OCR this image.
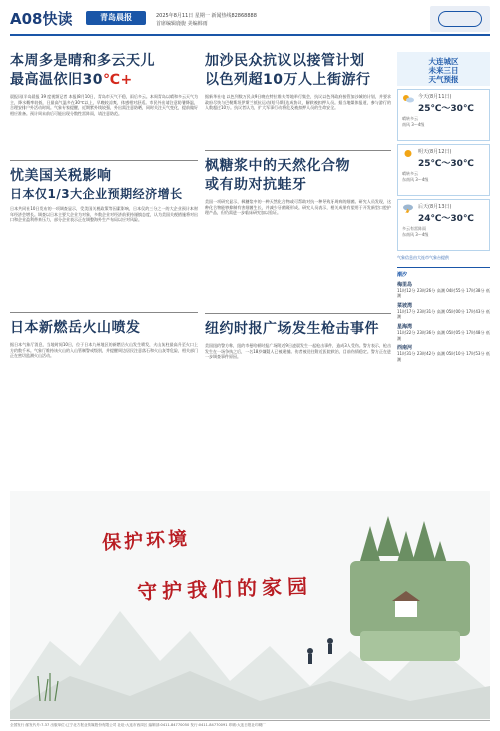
A08快读	青岛晨报	2025年8月11日 星期一 新闻热线82868888
首席编辑鹿旎 美编韩雨
本周多是晴和多云天儿
最高温依旧30℃+
晨报讯(半岛晨报 39 度视频记者 本报)8月10日，青岛市天气不稳，雨后多云。本周青岛以晴和多云天气为主，降水概率较低，日最高气温多在30℃以上，早晚较凉爽，体感相对舒适。市民外出请注意防暑降温，合理安排户外活动时间。气象专家提醒，近期紫外线较强，外出需注意防晒，同时关注天气变化，提前做好相应准备。预计周末前后可能出现分散性雷阵雨，请注意防范。
忧美国关税影响
日本仅1/3大企业预期经济增长
日本共同社10日发布的一项调查显示，受美国关税政策等因素影响，日本仅约三分之一的大企业预计本财年经济会增长。调查以日本主要大企业为对象，多数企业对经济前景持谨慎态度，认为美国关税措施将对出口和企业盈利带来压力，部分企业表示正在调整海外生产布局以应对风险。
日本新燃岳火山喷发
据日本气象厅消息，当地时间10日，位于日本九州地区的新燃岳火山发生喷发，火山灰柱最高升至火口上方约数千米。气象厅维持该火山的入山管制警戒级别，并提醒周边居民注意落石和火山灰等危险，相关部门正在密切监测火山活动。
加沙民众抗议以接管计划
以色列超10万人上街游行
据新华社电 以色列数万民众9日晚在特拉维夫等地举行集会，抗议以色列政府接管加沙城的计划，并要求政府尽快与巴勒斯坦伊斯兰抵抗运动(哈马斯)达成协议，解救被扣押人员。据当地媒体报道，参与游行的人数超过10万。抗议者认为，扩大军事行动将危及被扣押人员的生命安全。
枫糖浆中的天然化合物
或有助对抗蛙牙
美国一项研究显示，枫糖浆中的一种天然化合物或可帮助对抗一种导致牙周病的细菌。研究人员发现，这种化合物能够抑制有害细菌生长，并减少牙菌斑形成。研究人员表示，相关成果有望用于开发新型口腔护理产品，但仍需进一步临床研究加以验证。
纽约时报广场发生枪击事件
美国纽约警方称，纽约市曼哈顿时报广场附近9日凌晨发生一起枪击事件，造成3人受伤。警方表示，枪击发生在一场争执之后，一名18岁嫌疑人已被逮捕。伤者被送往附近医院救治，目前伤情稳定。警方正在进一步调查事件原因。
大连城区
未来三日
天气预报
今天(8月11日)
25℃～30℃
晴转多云
南风 3～4级
明天(8月12日)
25℃～30℃
晴转多云
东南风 3～4级
后天(8月13日)
24℃～30℃
多云有雷阵雨
东南风 3～4级
气象信息由大连市气象台提供
潮汐
梅里岛
11时12分 23时26分 高潮 04时55分 17时38分 低潮
菜坡湾
11时17分 23时31分 高潮 05时00分 17时43分 低潮
星海湾
11时22分 23时36分 高潮 05时05分 17时48分 低潮
西南河
11时31分 23时42分 高潮 05时10分 17时53分 低潮
保护环境
守护我们的家园
全国发行 邮发代号:7-37 出版单位:辽宁北方报业传媒股份有限公司 社址:大连市西岗区 编辑部:0411-84770050 发行:0411-84770091 印刷:大连日报社印刷厂
